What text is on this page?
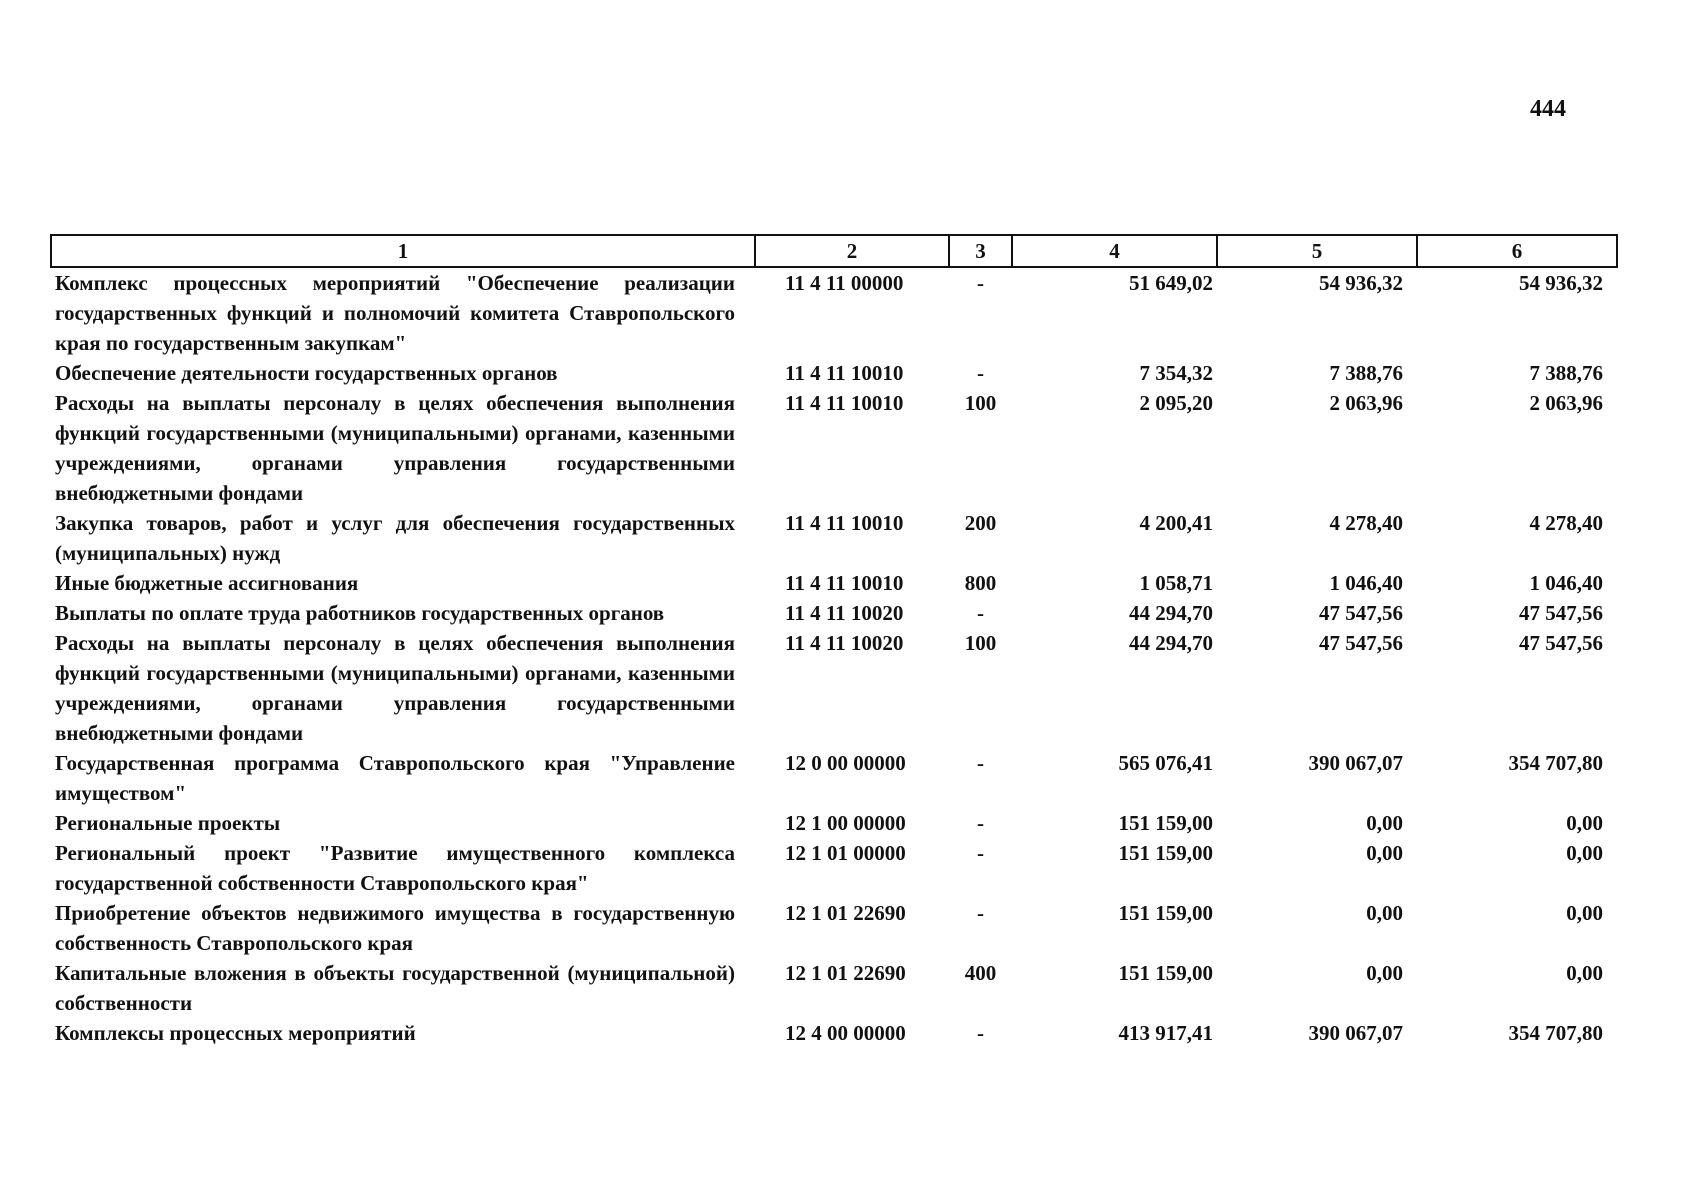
444
1	2	3	4	5	6
Комплекс процессных мероприятий "Обеспечение реализации государственных функций и полномочий комитета Ставропольского края по государственным закупкам"	11 4 11 00000	-	51 649,02	54 936,32	54 936,32
Обеспечение деятельности государственных органов	11 4 11 10010	-	7 354,32	7 388,76	7 388,76
Расходы на выплаты персоналу в целях обеспечения выполнения функций государственными (муниципальными) органами, казенными учреждениями, органами управления государственными внебюджетными фондами	11 4 11 10010	100	2 095,20	2 063,96	2 063,96
Закупка товаров, работ и услуг для обеспечения государственных (муниципальных) нужд	11 4 11 10010	200	4 200,41	4 278,40	4 278,40
Иные бюджетные ассигнования	11 4 11 10010	800	1 058,71	1 046,40	1 046,40
Выплаты по оплате труда работников государственных органов	11 4 11 10020	-	44 294,70	47 547,56	47 547,56
Расходы на выплаты персоналу в целях обеспечения выполнения функций государственными (муниципальными) органами, казенными учреждениями, органами управления государственными внебюджетными фондами	11 4 11 10020	100	44 294,70	47 547,56	47 547,56
Государственная программа Ставропольского края "Управление имуществом"	12 0 00 00000	-	565 076,41	390 067,07	354 707,80
Региональные проекты	12 1 00 00000	-	151 159,00	0,00	0,00
Региональный проект "Развитие имущественного комплекса государственной собственности Ставропольского края"	12 1 01 00000	-	151 159,00	0,00	0,00
Приобретение объектов недвижимого имущества в государственную собственность Ставропольского края	12 1 01 22690	-	151 159,00	0,00	0,00
Капитальные вложения в объекты государственной (муниципальной) собственности	12 1 01 22690	400	151 159,00	0,00	0,00
Комплексы процессных мероприятий	12 4 00 00000	-	413 917,41	390 067,07	354 707,80
